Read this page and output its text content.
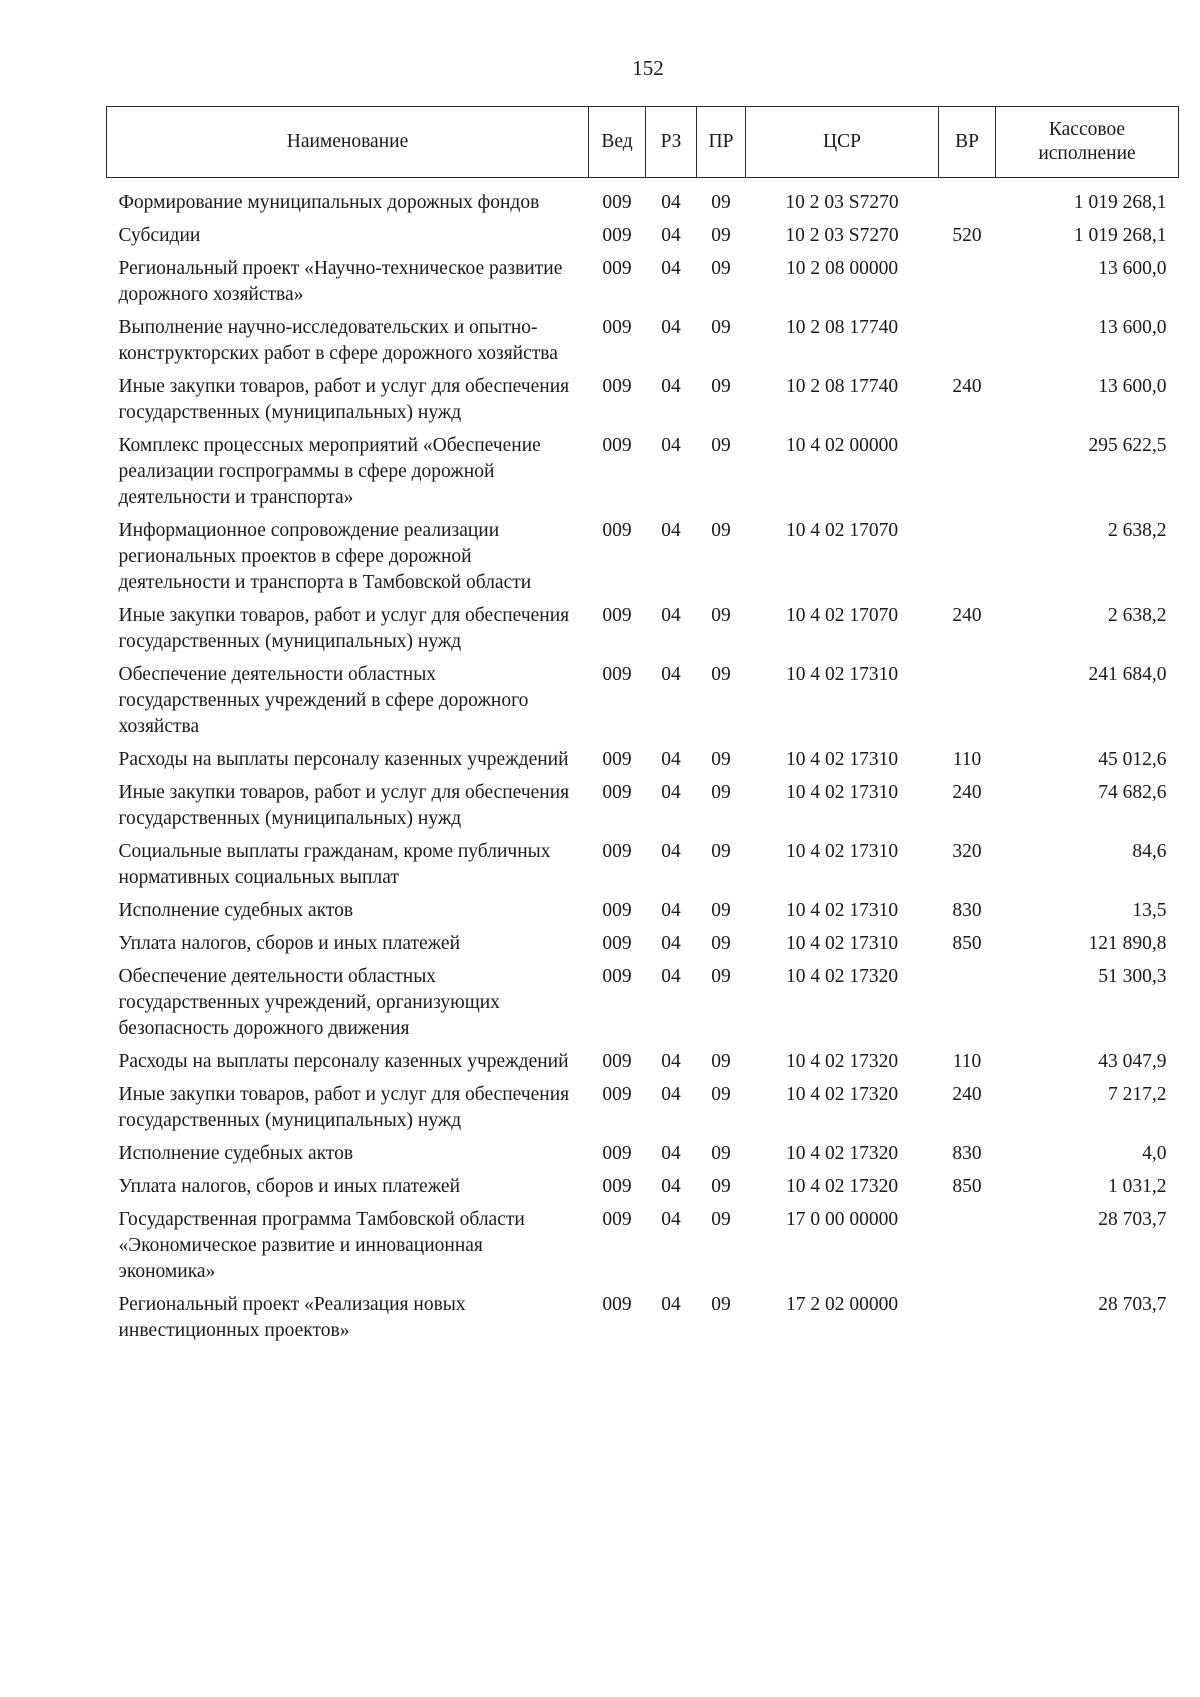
152
Наименование	Вед	РЗ	ПР	ЦСР	ВР	Кассовое исполнение
Формирование муниципальных дорожных фондов	009	04	09	10 2 03 S7270		1 019 268,1
Субсидии	009	04	09	10 2 03 S7270	520	1 019 268,1
Региональный проект «Научно-техническое развитие дорожного хозяйства»	009	04	09	10 2 08 00000		13 600,0
Выполнение научно-исследовательских и опытно-конструкторских работ в сфере дорожного хозяйства	009	04	09	10 2 08 17740		13 600,0
Иные закупки товаров, работ и услуг для обеспечения государственных (муниципальных) нужд	009	04	09	10 2 08 17740	240	13 600,0
Комплекс процессных мероприятий «Обеспечение реализации госпрограммы в сфере дорожной деятельности и транспорта»	009	04	09	10 4 02 00000		295 622,5
Информационное сопровождение реализации региональных проектов в сфере дорожной деятельности и транспорта в Тамбовской области	009	04	09	10 4 02 17070		2 638,2
Иные закупки товаров, работ и услуг для обеспечения государственных (муниципальных) нужд	009	04	09	10 4 02 17070	240	2 638,2
Обеспечение деятельности областных государственных учреждений в сфере дорожного хозяйства	009	04	09	10 4 02 17310		241 684,0
Расходы на выплаты персоналу казенных учреждений	009	04	09	10 4 02 17310	110	45 012,6
Иные закупки товаров, работ и услуг для обеспечения государственных (муниципальных) нужд	009	04	09	10 4 02 17310	240	74 682,6
Социальные выплаты гражданам, кроме публичных нормативных социальных выплат	009	04	09	10 4 02 17310	320	84,6
Исполнение судебных актов	009	04	09	10 4 02 17310	830	13,5
Уплата налогов, сборов и иных платежей	009	04	09	10 4 02 17310	850	121 890,8
Обеспечение деятельности областных государственных учреждений, организующих безопасность дорожного движения	009	04	09	10 4 02 17320		51 300,3
Расходы на выплаты персоналу казенных учреждений	009	04	09	10 4 02 17320	110	43 047,9
Иные закупки товаров, работ и услуг для обеспечения государственных (муниципальных) нужд	009	04	09	10 4 02 17320	240	7 217,2
Исполнение судебных актов	009	04	09	10 4 02 17320	830	4,0
Уплата налогов, сборов и иных платежей	009	04	09	10 4 02 17320	850	1 031,2
Государственная программа Тамбовской области «Экономическое развитие и инновационная экономика»	009	04	09	17 0 00 00000		28 703,7
Региональный проект «Реализация новых инвестиционных проектов»	009	04	09	17 2 02 00000		28 703,7
